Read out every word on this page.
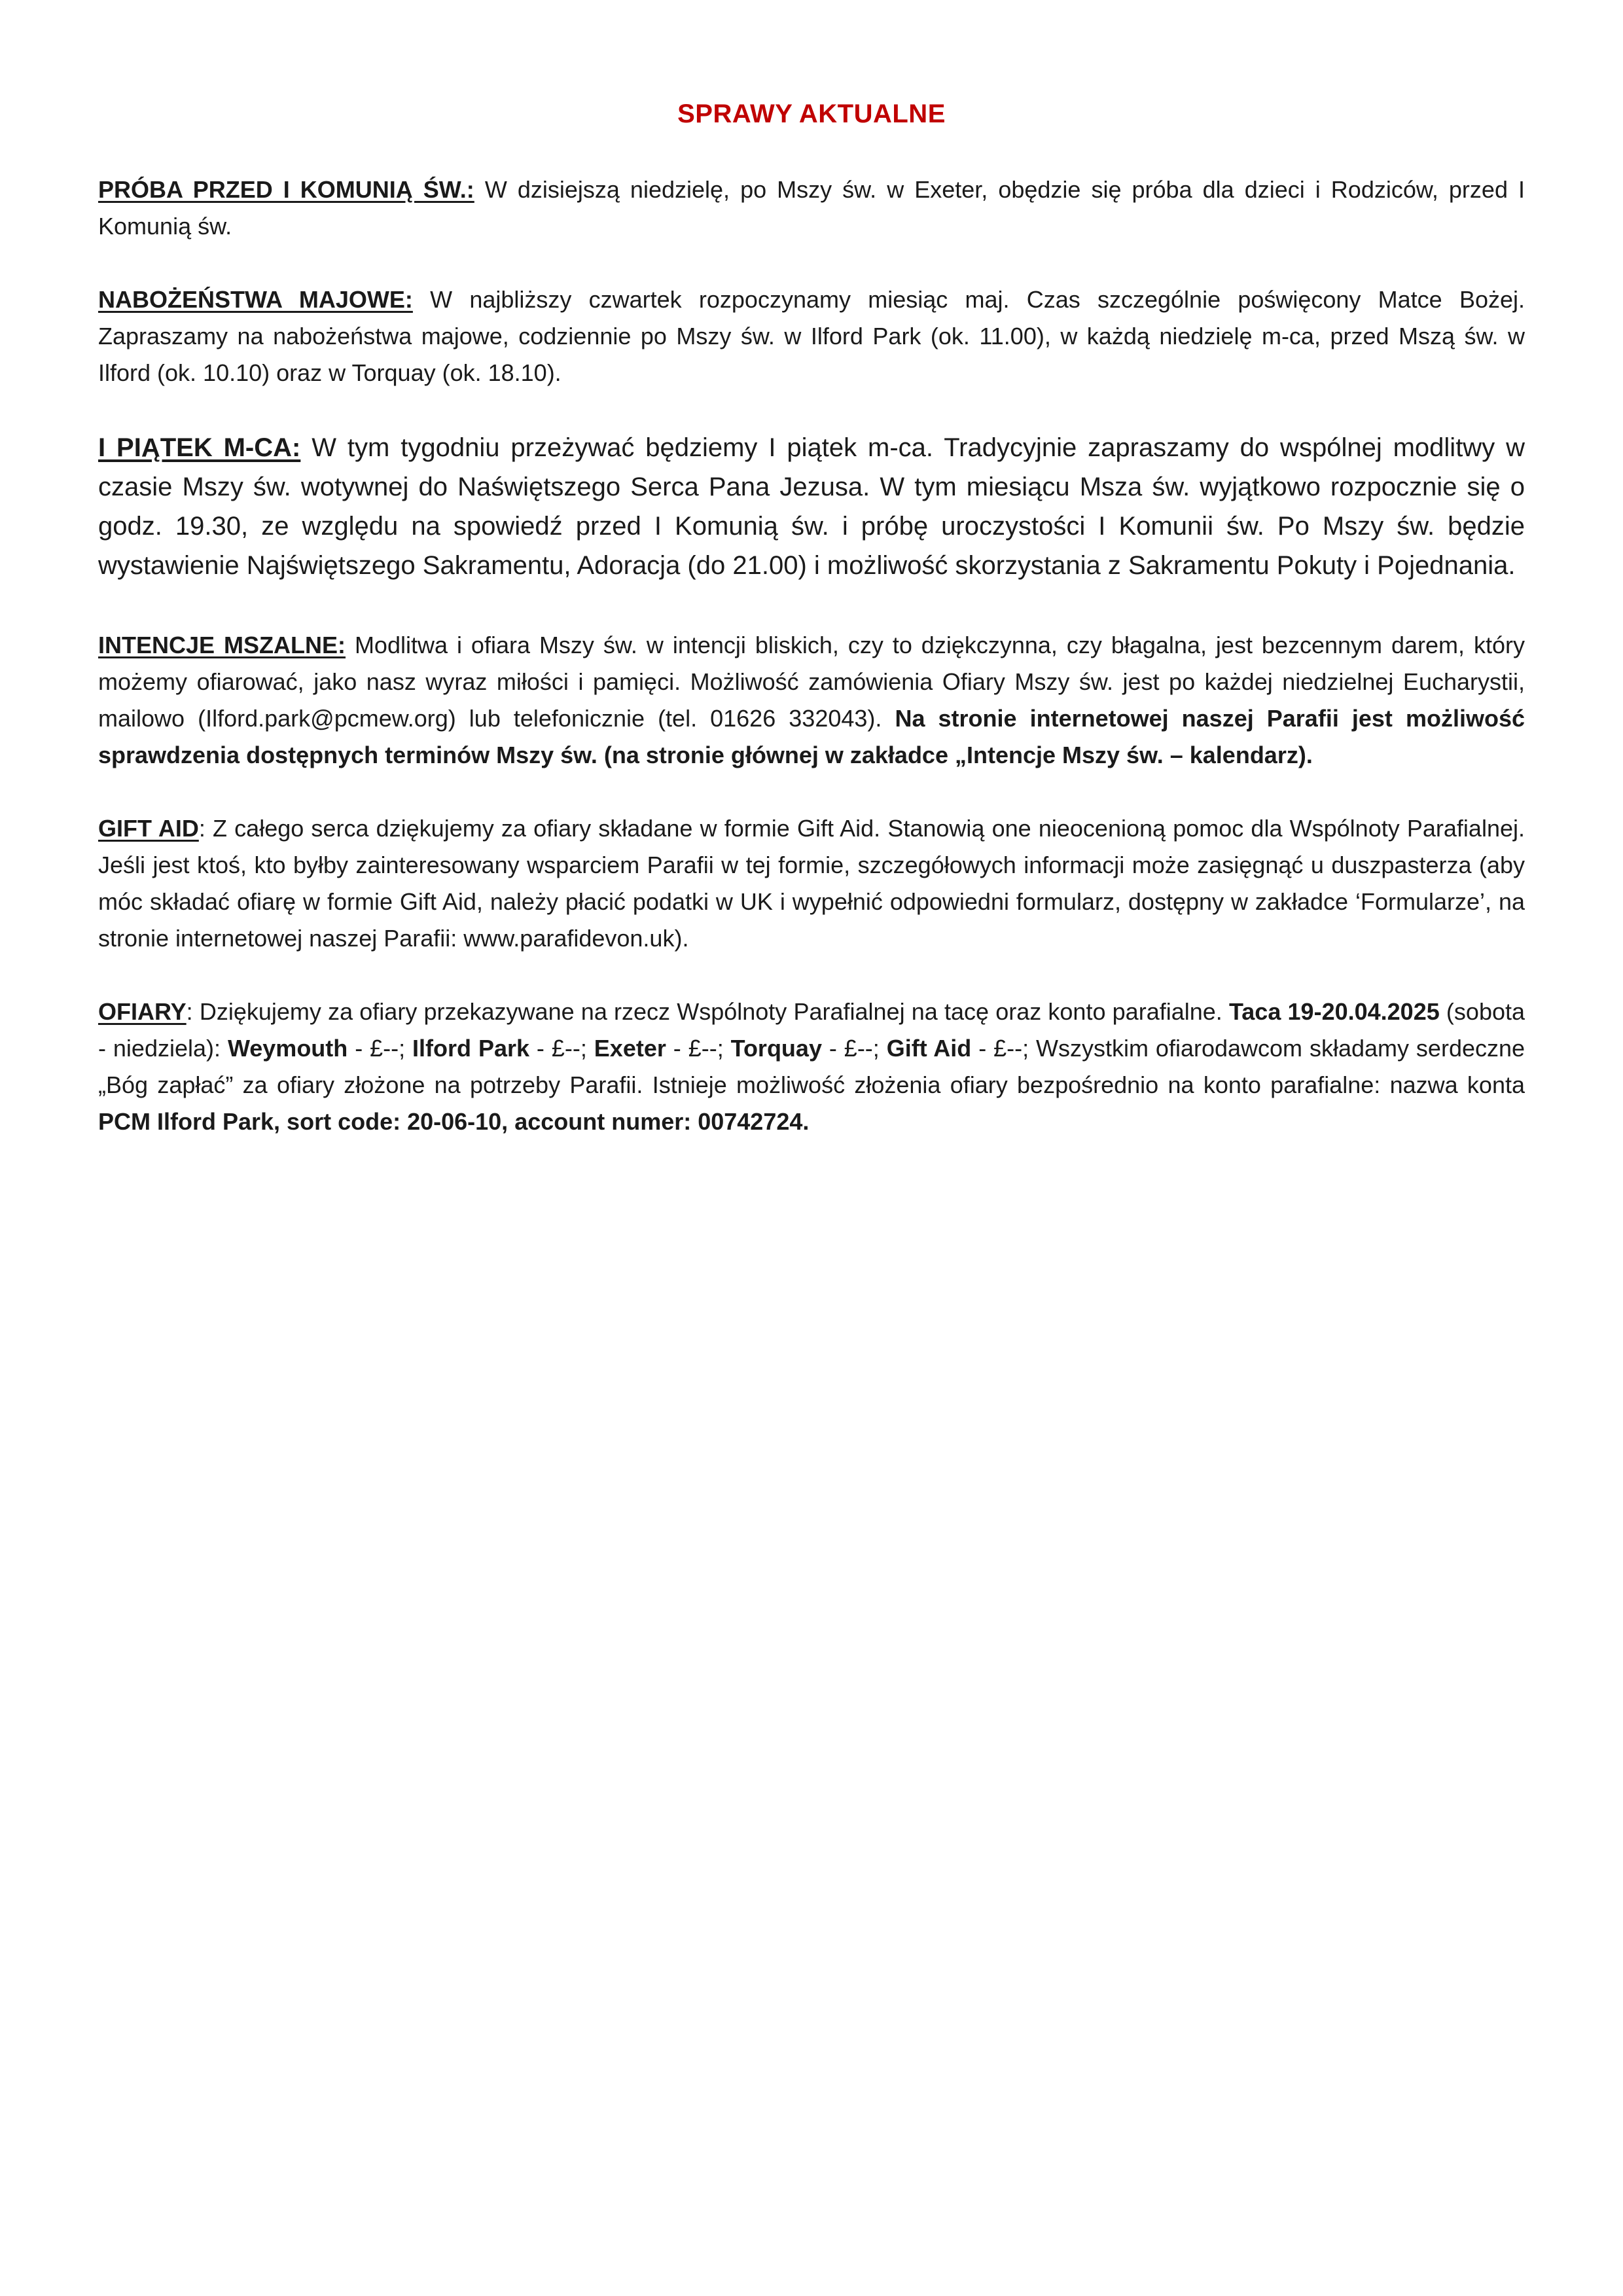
SPRAWY AKTUALNE

PRÓBA PRZED I KOMUNIĄ ŚW.: W dzisiejszą niedzielę, po Mszy św. w Exeter, obędzie się próba dla dzieci i Rodziców, przed I Komunią św.

NABOŻEŃSTWA MAJOWE: W najbliższy czwartek rozpoczynamy miesiąc maj. Czas szczególnie poświęcony Matce Bożej. Zapraszamy na nabożeństwa majowe, codziennie po Mszy św. w Ilford Park (ok. 11.00), w każdą niedzielę m-ca, przed Mszą św. w Ilford (ok. 10.10) oraz w Torquay (ok. 18.10).

I PIĄTEK M-CA: W tym tygodniu przeżywać będziemy I piątek m-ca. Tradycyjnie zapraszamy do wspólnej modlitwy w czasie Mszy św. wotywnej do Naświętszego Serca Pana Jezusa. W tym miesiącu Msza św. wyjątkowo rozpocznie się o godz. 19.30, ze względu na spowiedź przed I Komunią św. i próbę uroczystości I Komunii św. Po Mszy św. będzie wystawienie Najświętszego Sakramentu, Adoracja (do 21.00) i możliwość skorzystania z Sakramentu Pokuty i Pojednania.

INTENCJE MSZALNE: Modlitwa i ofiara Mszy św. w intencji bliskich, czy to dziękczynna, czy błagalna, jest bezcennym darem, który możemy ofiarować, jako nasz wyraz miłości i pamięci. Możliwość zamówienia Ofiary Mszy św. jest po każdej niedzielnej Eucharystii, mailowo (Ilford.park@pcmew.org) lub telefonicznie (tel. 01626 332043). Na stronie internetowej naszej Parafii jest możliwość sprawdzenia dostępnych terminów Mszy św. (na stronie głównej w zakładce „Intencje Mszy św. – kalendarz).

GIFT AID: Z całego serca dziękujemy za ofiary składane w formie Gift Aid. Stanowią one nieocenioną pomoc dla Wspólnoty Parafialnej. Jeśli jest ktoś, kto byłby zainteresowany wsparciem Parafii w tej formie, szczegółowych informacji może zasięgnąć u duszpasterza (aby móc składać ofiarę w formie Gift Aid, należy płacić podatki w UK i wypełnić odpowiedni formularz, dostępny w zakładce ‘Formularze’, na stronie internetowej naszej Parafii: www.parafidevon.uk).

OFIARY: Dziękujemy za ofiary przekazywane na rzecz Wspólnoty Parafialnej na tacę oraz konto parafialne. Taca 19-20.04.2025 (sobota - niedziela): Weymouth - £--; Ilford Park - £--; Exeter - £--; Torquay - £--; Gift Aid - £--; Wszystkim ofiarodawcom składamy serdeczne „Bóg zapłać” za ofiary złożone na potrzeby Parafii. Istnieje możliwość złożenia ofiary bezpośrednio na konto parafialne: nazwa konta PCM Ilford Park, sort code: 20-06-10, account numer: 00742724.
